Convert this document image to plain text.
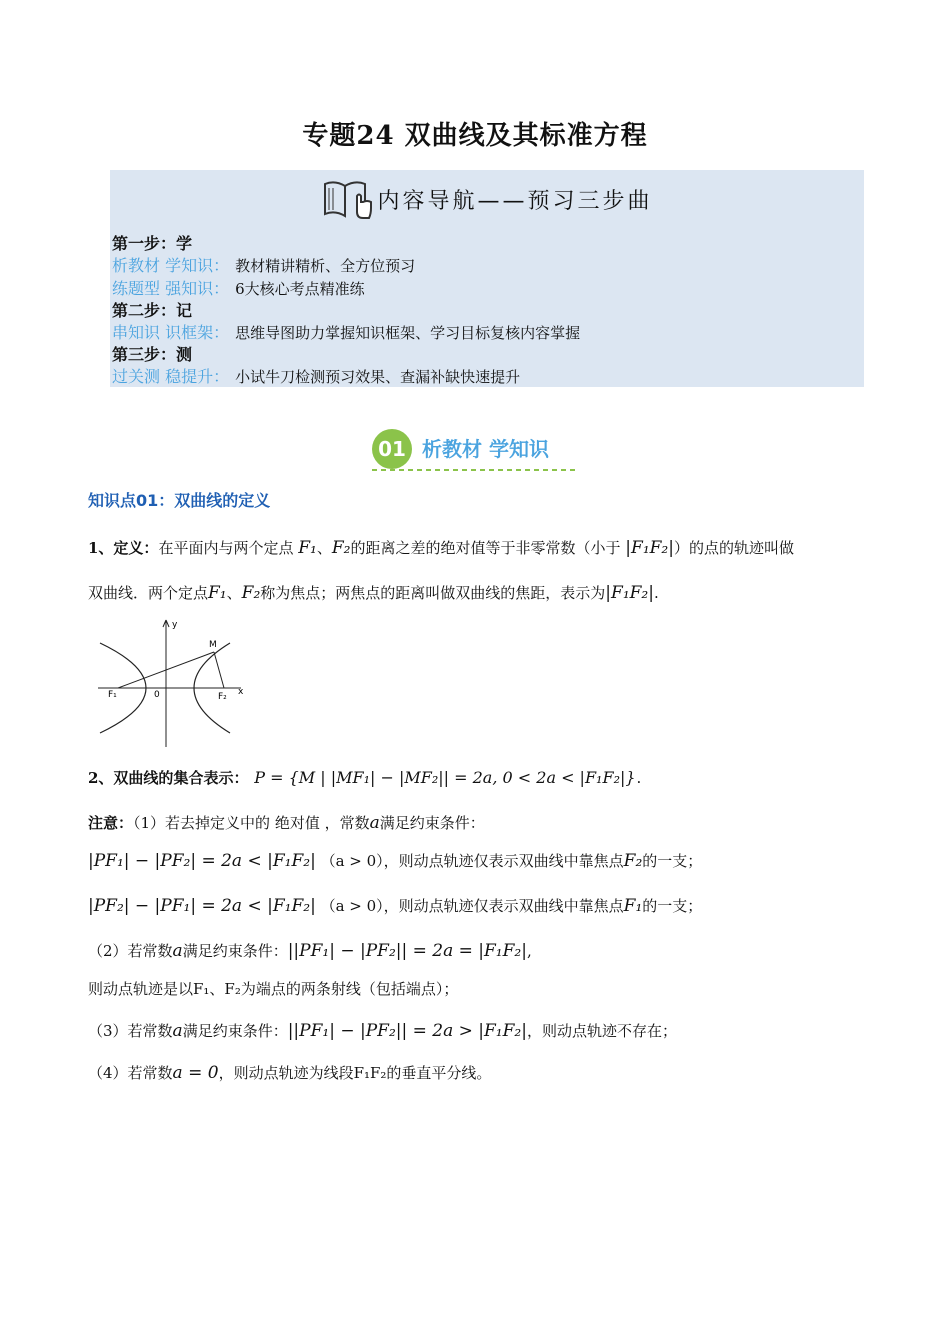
专题24 双曲线及其标准方程
内容导航——预习三步曲
第一步：学
析教材 学知识： 教材精讲精析、全方位预习
练题型 强知识： 6大核心考点精准练
第二步：记
串知识 识框架： 思维导图助力掌握知识框架、学习目标复核内容掌握
第三步：测
过关测 稳提升： 小试牛刀检测预习效果、查漏补缺快速提升
01 析教材 学知识
知识点01：双曲线的定义
1、定义：在平面内与两个定点 F₁、F₂的距离之差的绝对值等于非零常数（小于 |F₁F₂|）的点的轨迹叫做
双曲线．两个定点F₁、F₂称为焦点；两焦点的距离叫做双曲线的焦距，表示为|F₁F₂|.
y
x
M
F₁	0	F₂
2、双曲线的集合表示： P = {M | |MF₁| − |MF₂|| = 2a, 0 < 2a < |F₁F₂|}.
注意：（1）若去掉定义中的 绝对值 ，常数a满足约束条件：
|PF₁| − |PF₂| = 2a < |F₁F₂| （a > 0），则动点轨迹仅表示双曲线中靠焦点F₂的一支；
|PF₂| − |PF₁| = 2a < |F₁F₂| （a > 0），则动点轨迹仅表示双曲线中靠焦点F₁的一支；
（2）若常数a满足约束条件：||PF₁| − |PF₂|| = 2a = |F₁F₂|,
则动点轨迹是以F₁、F₂为端点的两条射线（包括端点）；
（3）若常数a满足约束条件：||PF₁| − |PF₂|| = 2a > |F₁F₂|，则动点轨迹不存在；
（4）若常数a = 0，则动点轨迹为线段F₁F₂的垂直平分线。
